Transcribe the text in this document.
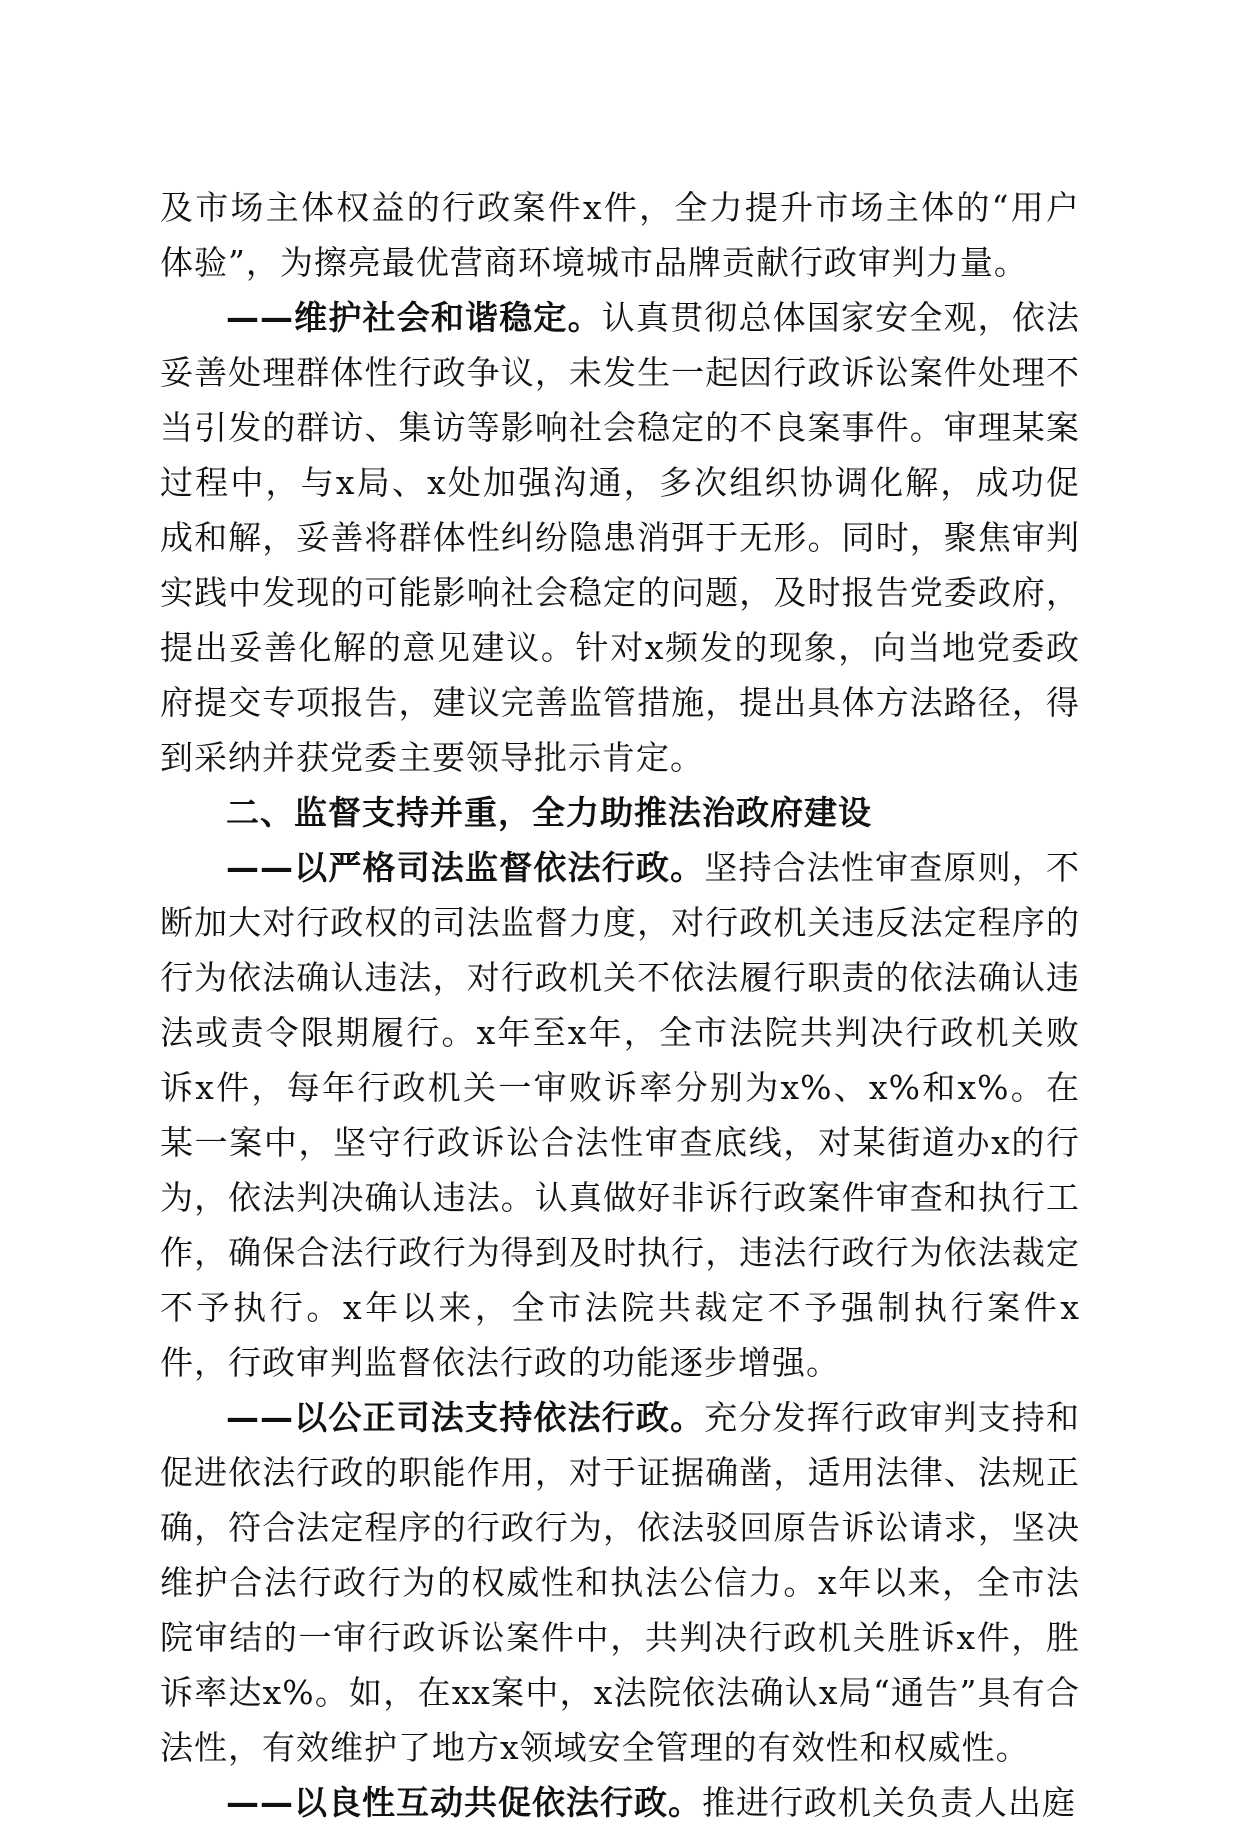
及市场主体权益的行政案件x件，全力提升市场主体的“用户体验”，为擦亮最优营商环境城市品牌贡献行政审判力量。

——维护社会和谐稳定。认真贯彻总体国家安全观，依法妥善处理群体性行政争议，未发生一起因行政诉讼案件处理不当引发的群访、集访等影响社会稳定的不良案事件。审理某案过程中，与x局、x处加强沟通，多次组织协调化解，成功促成和解，妥善将群体性纠纷隐患消弭于无形。同时，聚焦审判实践中发现的可能影响社会稳定的问题，及时报告党委政府，提出妥善化解的意见建议。针对x频发的现象，向当地党委政府提交专项报告，建议完善监管措施，提出具体方法路径，得到采纳并获党委主要领导批示肯定。

二、监督支持并重，全力助推法治政府建设

——以严格司法监督依法行政。坚持合法性审查原则，不断加大对行政权的司法监督力度，对行政机关违反法定程序的行为依法确认违法，对行政机关不依法履行职责的依法确认违法或责令限期履行。x年至x年，全市法院共判决行政机关败诉x件，每年行政机关一审败诉率分别为x%、x%和x%。在某一案中，坚守行政诉讼合法性审查底线，对某街道办x的行为，依法判决确认违法。认真做好非诉行政案件审查和执行工作，确保合法行政行为得到及时执行，违法行政行为依法裁定不予执行。x年以来，全市法院共裁定不予强制执行案件x件，行政审判监督依法行政的功能逐步增强。

——以公正司法支持依法行政。充分发挥行政审判支持和促进依法行政的职能作用，对于证据确凿，适用法律、法规正确，符合法定程序的行政行为，依法驳回原告诉讼请求，坚决维护合法行政行为的权威性和执法公信力。x年以来，全市法院审结的一审行政诉讼案件中，共判决行政机关胜诉x件，胜诉率达x%。如，在xx案中，x法院依法确认x局“通告”具有合法性，有效维护了地方x领域安全管理的有效性和权威性。

——以良性互动共促依法行政。推进行政机关负责人出庭
